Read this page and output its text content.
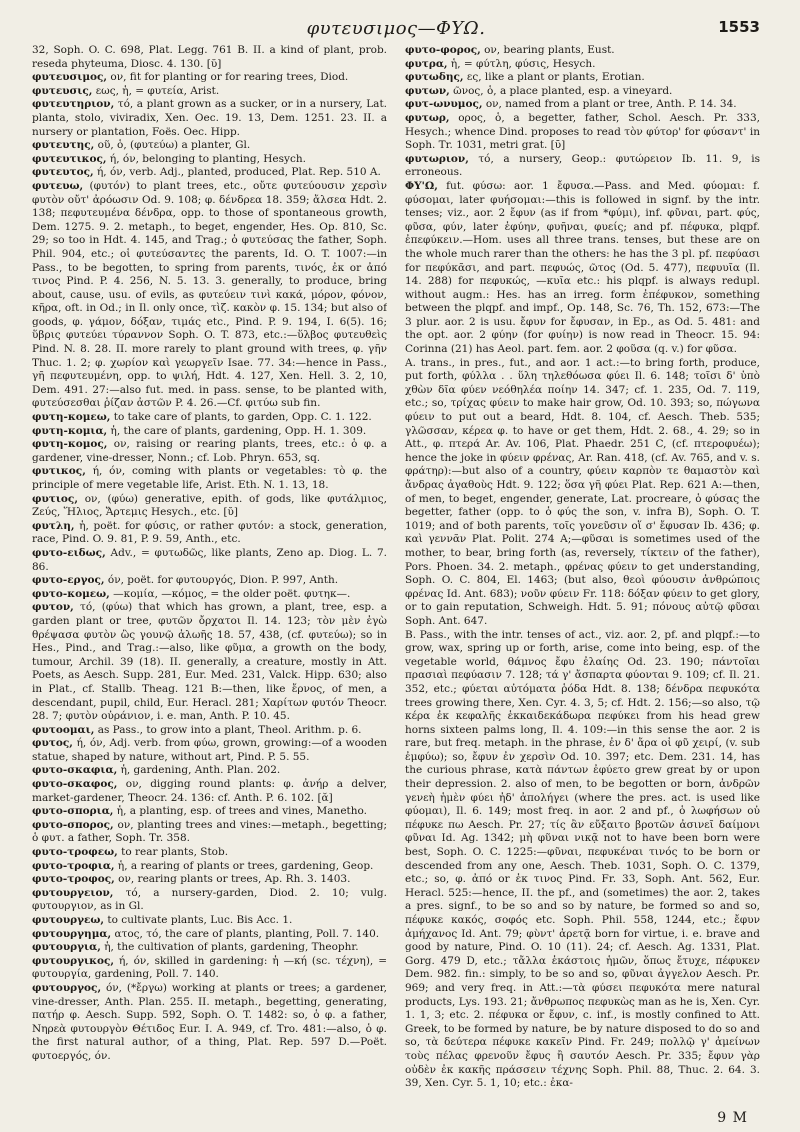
φυτευσιμος—ΦΥΩ.	1553
32, Soph. O. C. 698, Plat. Legg. 761 B. II. a kind of plant, prob. reseda phyteuma, Diosc. 4. 130. [ῠ]
φυτευσιμος, ον, fit for planting or for rearing trees, Diod.
φυτευσις, εως, ἡ, = φυτεία, Arist.
φυτευτηριον, τό, a plant grown as a sucker, or in a nursery, Lat. planta, stolo, viviradix, Xen. Oec. 19. 13, Dem. 1251. 23. II. a nursery or plantation, Foës. Oec. Hipp.
φυτευτης, οῦ, ὁ, (φυτεύω) a planter, Gl.
φυτευτικος, ή, όν, belonging to planting, Hesych.
φυτευτος, ή, όν, verb. Adj., planted, produced, Plat. Rep. 510 A.
φυτευω, (φυτόν) to plant trees, etc., οὔτε φυτεύουσιν χερσὶν φυτὸν οὔτ' ἀρόωσιν Od. 9. 108; φ. δένδρεα 18. 359; ἄλσεα Hdt. 2. 138; πεφυτευμένα δένδρα, opp. to those of spontaneous growth, Dem. 1275. 9. 2. metaph., to beget, engender, Hes. Op. 810, Sc. 29; so too in Hdt. 4. 145, and Trag.; ὁ φυτεύσας the father, Soph. Phil. 904, etc.; οἱ φυτεύσαντες the parents, Id. O. T. 1007:—in Pass., to be begotten, to spring from parents, τινός, ἐκ or ἀπό τινος Pind. P. 4. 256, N. 5. 13. 3. generally, to produce, bring about, cause, usu. of evils, as φυτεύειν τινὶ κακά, μόρον, φόνον, κῆρα, oft. in Od.; in Il. only once, τὶζ. κακὸν φ. 15. 134; but also of goods, φ. γάμον, δόξαν, τιμάς etc., Pind. P. 9. 194, I. 6(5). 16; ὕβρις φυτεύει τύραννον Soph. O. T. 873, etc.:—ὕλβος φυτευθεὶς Pind. N. 8. 28. II. more rarely to plant ground with trees, φ. γῆν Thuc. 1. 2; φ. χωρίον καὶ γεωργεῖν Isae. 77. 34:—hence in Pass., γῆ πεφυτευμένη, opp. to ψιλή, Hdt. 4. 127, Xen. Hell. 3. 2, 10, Dem. 491. 27:—also fut. med. in pass. sense, to be planted with, φυτεύσεσθαι ῥίζαν ἀστῶν P. 4. 26.—Cf. φιτύω sub fin.
φυτη-κομεω, to take care of plants, to garden, Opp. C. 1. 122.
φυτη-κομια, ἡ, the care of plants, gardening, Opp. H. 1. 309.
φυτη-κομος, ον, raising or rearing plants, trees, etc.: ὁ φ. a gardener, vine-dresser, Nonn.; cf. Lob. Phryn. 653, sq.
φυτικος, ή, όν, coming with plants or vegetables: τὸ φ. the principle of mere vegetable life, Arist. Eth. N. 1. 13, 18.
φυτιος, ον, (φύω) generative, epith. of gods, like φυτάλμιος, Ζεύς, Ἥλιος, Ἄρτεμις Hesych., etc. [ῠ]
φυτλη, ἡ, poët. for φύσις, or rather φυτόν: a stock, generation, race, Pind. O. 9. 81, P. 9. 59, Anth., etc.
φυτο-ειδως, Adv., = φυτωδῶς, like plants, Zeno ap. Diog. L. 7. 86.
φυτο-εργος, όν, poët. for φυτουργός, Dion. P. 997, Anth.
φυτο-κομεω, —κομία, —κόμος, = the older poët. φυτηκ—.
φυτον, τό, (φύω) that which has grown, a plant, tree, esp. a garden plant or tree, φυτῶν ὄρχατοι Il. 14. 123; τὸν μὲν ἐγὼ θρέψασα φυτὸν ὣς γουνῷ ἀλωῆς 18. 57, 438, (cf. φυτεύω); so in Hes., Pind., and Trag.:—also, like φῦμα, a growth on the body, tumour, Archil. 39 (18). II. generally, a creature, mostly in Att. Poets, as Aesch. Supp. 281, Eur. Med. 231, Valck. Hipp. 630; also in Plat., cf. Stallb. Theag. 121 B:—then, like ἔρνος, of men, a descendant, pupil, child, Eur. Heracl. 281; Χαρίτων φυτόν Theocr. 28. 7; φυτὸν οὐράνιον, i. e. man, Anth. P. 10. 45.
φυτοομαι, as Pass., to grow into a plant, Theol. Arithm. p. 6.
φυτος, ή, όν, Adj. verb. from φύω, grown, growing:—of a wooden statue, shaped by nature, without art, Pind. P. 5. 55.
φυτο-σκαφια, ἡ, gardening, Anth. Plan. 202.
φυτο-σκαφος, ον, digging round plants: φ. ἀνήρ a delver, market-gardener, Theocr. 24. 136: cf. Anth. P. 6. 102. [ᾰ]
φυτο-σπορια, ἡ, a planting, esp. of trees and vines, Manetho.
φυτο-σπορος, ον, planting trees and vines:—metaph., begetting; ὁ φυτ. a father, Soph. Tr. 358.
φυτο-τροφεω, to rear plants, Stob.
φυτο-τροφια, ἡ, a rearing of plants or trees, gardening, Geop.
φυτο-τροφος, ον, rearing plants or trees, Ap. Rh. 3. 1403.
φυτουργειον, τό, a nursery-garden, Diod. 2. 10; vulg. φυτουργιον, as in Gl.
φυτουργεω, to cultivate plants, Luc. Bis Acc. 1.
φυτουργημα, ατος, τό, the care of plants, planting, Poll. 7. 140.
φυτουργια, ἡ, the cultivation of plants, gardening, Theophr.
φυτουργικος, ή, όν, skilled in gardening: ἡ —κή (sc. τέχνη), = φυτουργία, gardening, Poll. 7. 140.
φυτουργος, όν, (*ἔργω) working at plants or trees; a gardener, vine-dresser, Anth. Plan. 255. II. metaph., begetting, generating, πατήρ φ. Aesch. Supp. 592, Soph. O. T. 1482: so, ὁ φ. a father, Νηρεὰ φυτουργὸν Θέτιδος Eur. I. A. 949, cf. Tro. 481:—also, ὁ φ. the first natural author, of a thing, Plat. Rep. 597 D.—Poët. φυτοεργός, όν.
φυτο-φορος, ον, bearing plants, Eust.
φυτρα, ἡ, = φύτλη, φύσις, Hesych.
φυτωδης, ες, like a plant or plants, Erotian.
φυτων, ῶνος, ὁ, a place planted, esp. a vineyard.
φυτ-ωνυμος, ον, named from a plant or tree, Anth. P. 14. 34.
φυτωρ, ορος, ὁ, a begetter, father, Schol. Aesch. Pr. 333, Hesych.; whence Dind. proposes to read τὸν φύτορ' for φύσαντ' in Soph. Tr. 1031, metri grat. [ῡ]
φυτωριον, τό, a nursery, Geop.: φυτώρειον Ib. 11. 9, is erroneous.
ΦΥ'Ω, fut. φύσω: aor. 1 ἔφυσα.—Pass. and Med. φύομαι: f. φύσομαι, later φυήσομαι:—this is followed in signf. by the intr. tenses; viz., aor. 2 ἔφυν (as if from *φύμι), inf. φῦναι, part. φύς, φῦσα, φύν, later ἐφύην, φυῆναι, φυείς; and pf. πέφυκα, plqpf. ἐπεφύκειν.—Hom. uses all three trans. tenses, but these are on the whole much rarer than the others: he has the 3 pl. pf. πεφύασι for πεφύκᾶσι, and part. πεφυώς, ῶτος (Od. 5. 477), πεφυυῖα (Il. 14. 288) for πεφυκώς, —κυῖα etc.: his plqpf. is always redupl. without augm.: Hes. has an irreg. form ἐπέφυκον, something between the plqpf. and impf., Op. 148, Sc. 76, Th. 152, 673:—The 3 plur. aor. 2 is usu. ἔφυν for ἔφυσαν, in Ep., as Od. 5. 481: and the opt. aor. 2 φύην (for φυίην) is now read in Theocr. 15. 94: Corinna (21) has Aeol. part. fem. aor. 2 φοῦσα (q. v.) for φῦσα.
A. trans., in pres., fut., and aor. 1 act.:—to bring forth, produce, put forth, φύλλα . . ὕλη τηλεθόωσα φύει Il. 6. 148; τοῖσι δ' ὑπὸ χθὼν δῖα φύεν νεόθηλέα ποίην 14. 347; cf. 1. 235, Od. 7. 119, etc.; so, τρίχας φύειν to make hair grow, Od. 10. 393; so, πώγωνα φύειν to put out a beard, Hdt. 8. 104, cf. Aesch. Theb. 535; γλῶσσαν, κέρεα φ. to have or get them, Hdt. 2. 68., 4. 29; so in Att., φ. πτερά Ar. Av. 106, Plat. Phaedr. 251 C, (cf. πτεροφυέω); hence the joke in φύειν φρένας, Ar. Ran. 418, (cf. Av. 765, and v. s. φράτηρ):—but also of a country, φύειν καρπὸν τε θαμαστὸν καὶ ἄνδρας ἀγαθοὺς Hdt. 9. 122; ὅσα γῆ φύει Plat. Rep. 621 A:—then, of men, to beget, engender, generate, Lat. procreare, ὁ φύσας the begetter, father (opp. to ὁ φύς the son, v. infra B), Soph. O. T. 1019; and of both parents, τοῖς γονεῦσιν οἵ σ' ἔφυσαν Ib. 436; φ. καὶ γεννᾶν Plat. Polit. 274 A;—φῦσαι is sometimes used of the mother, to bear, bring forth (as, reversely, τίκτειν of the father), Pors. Phoen. 34. 2. metaph., φρένας φύειν to get understanding, Soph. O. C. 804, El. 1463; (but also, θεοὶ φύουσιν ἀνθρώποις φρένας Id. Ant. 683); νοῦν φύειν Fr. 118: δόξαν φύειν to get glory, or to gain reputation, Schweigh. Hdt. 5. 91; πόνους αὐτῷ φῦσαι Soph. Ant. 647.
B. Pass., with the intr. tenses of act., viz. aor. 2, pf. and plqpf.:—to grow, wax, spring up or forth, arise, come into being, esp. of the vegetable world, θάμνος ἔφυ ἐλαίης Od. 23. 190; πάντοῖαι πρασιαὶ πεφύασιν 7. 128; τά γ' ἄσπαρτα φύονται 9. 109; cf. Il. 21. 352, etc.; φύεται αὐτόματα ῥόδα Hdt. 8. 138; δένδρα πεφυκότα trees growing there, Xen. Cyr. 4. 3, 5; cf. Hdt. 2. 156;—so also, τῷ κέρα ἐκ κεφαλῆς ἑκκαιδεκάδωρα πεφύκει from his head grew horns sixteen palms long, Il. 4. 109:—in this sense the aor. 2 is rare, but freq. metaph. in the phrase, ἐν δ' ἄρα οἱ φῦ χειρί, (v. sub ἐμφύω); so, ἔφυν ἐν χερσὶν Od. 10. 397; etc. Dem. 231. 14, has the curious phrase, κατὰ πάντων ἐφύετο grew great by or upon their depression. 2. also of men, to be begotten or born, ἀνδρῶν γενεὴ ἡμὲν φύει ἠδ' ἀπολήγει (where the pres. act. is used like φύομαι), Il. 6. 149; most freq. in aor. 2 and pf., ὁ λωφήσων οὐ πέφυκε πω Aesch. Pr. 27; τίς ἂν εὔξαιτο βροτῶν ἀσινεῖ δαίμονι φῦναι Id. Ag. 1342; μὴ φῦναι νικᾷ not to have been born were best, Soph. O. C. 1225:—φῦναι, πεφυκέναι τινός to be born or descended from any one, Aesch. Theb. 1031, Soph. O. C. 1379, etc.; so, φ. ἀπό or ἐκ τινος Pind. Fr. 33, Soph. Ant. 562, Eur. Heracl. 525:—hence, II. the pf., and (sometimes) the aor. 2, takes a pres. signf., to be so and so by nature, be formed so and so, πέφυκε κακός, σοφός etc. Soph. Phil. 558, 1244, etc.; ἔφυν ἀμήχανος Id. Ant. 79; φὺντ' ἀρετᾷ born for virtue, i. e. brave and good by nature, Pind. O. 10 (11). 24; cf. Aesch. Ag. 1331, Plat. Gorg. 479 D, etc.; τἄλλα ἑκάστοις ἡμῶν, ὅπως ἔτυχε, πέφυκεν Dem. 982. fin.: simply, to be so and so, φῦναι ἀγγελον Aesch. Pr. 969; and very freq. in Att.:—τὰ φύσει πεφυκότα mere natural products, Lys. 193. 21; ἄνθρωπος πεφυκὼς man as he is, Xen. Cyr. 1. 1, 3; etc. 2. πέφυκα or ἔφυν, c. inf., is mostly confined to Att. Greek, to be formed by nature, be by nature disposed to do so and so, τὰ δεύτερα πέφυκε κακεῖν Pind. Fr. 249; πολλῷ γ' ἀμείνων τοὺς πέλας φρενοῦν ἔφυς ἢ σαυτόν Aesch. Pr. 335; ἔφυν γὰρ οὐδὲν ἐκ κακῆς πράσσειν τέχνης Soph. Phil. 88, Thuc. 2. 64. 3. 39, Xen. Cyr. 5. 1, 10; etc.: ἐκα-
9 M
